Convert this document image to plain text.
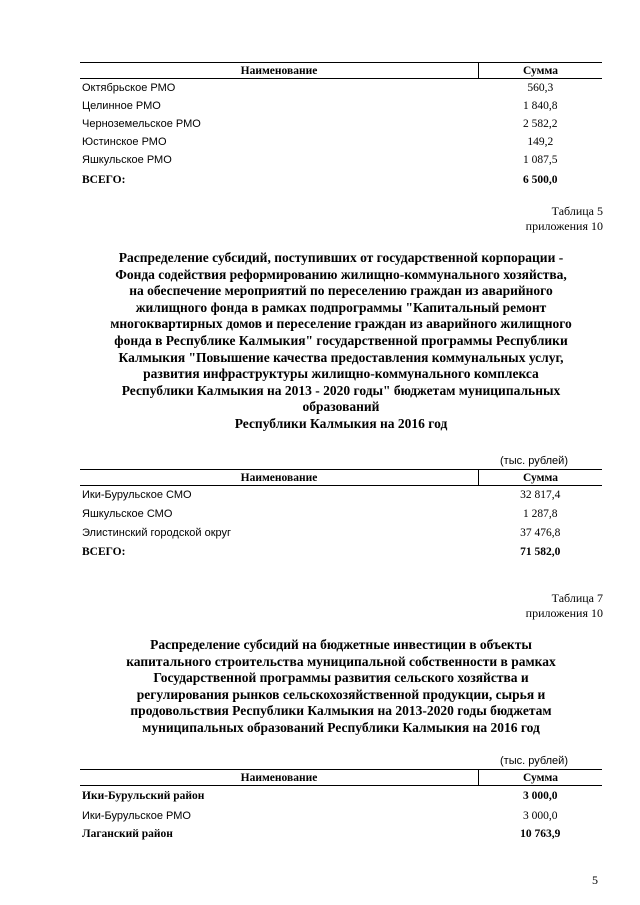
Наименование	Сумма
Октябрьское РМО	560,3
Целинное РМО	1 840,8
Черноземельское РМО	2 582,2
Юстинское РМО	149,2
Яшкульское РМО	1 087,5
ВСЕГО:	6 500,0
Таблица 5
приложения 10
Распределение субсидий, поступивших от государственной корпорации -
Фонда содействия реформированию жилищно-коммунального хозяйства,
на обеспечение мероприятий по переселению граждан из аварийного
жилищного фонда в рамках подпрограммы "Капитальный ремонт
многоквартирных домов и переселение граждан из аварийного жилищного
фонда в Республике Калмыкия" государственной программы Республики
Калмыкия "Повышение качества предоставления коммунальных услуг,
развития инфраструктуры жилищно-коммунального комплекса
Республики Калмыкия на 2013 - 2020 годы" бюджетам муниципальных
образований
Республики Калмыкия на 2016 год
(тыс. рублей)
Наименование	Сумма
Ики-Бурульское СМО	32 817,4
Яшкульское СМО	1 287,8
Элистинский городской округ	37 476,8
ВСЕГО:	71 582,0
Таблица 7
приложения 10
Распределение субсидий на бюджетные инвестиции в объекты
капитального строительства муниципальной собственности в рамках
Государственной программы развития сельского хозяйства и
регулирования рынков сельскохозяйственной продукции, сырья и
продовольствия Республики Калмыкия на 2013-2020 годы бюджетам
муниципальных образований Республики Калмыкия на 2016 год
(тыс. рублей)
Наименование	Сумма
Ики-Бурульский район	3 000,0
Ики-Бурульское РМО	3 000,0
Лаганский район	10 763,9
5
